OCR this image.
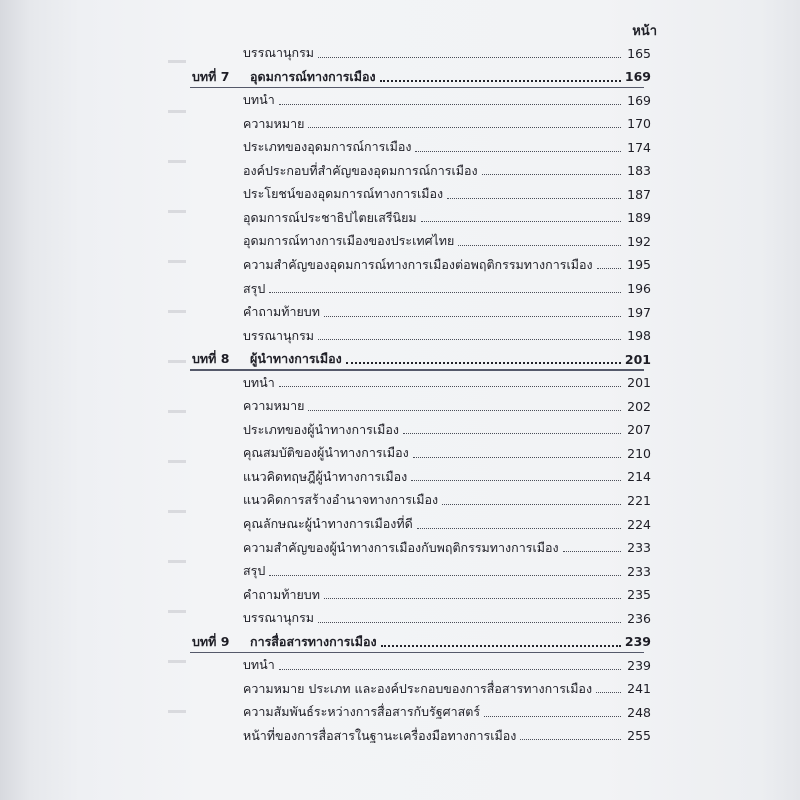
หน้า
บรรณานุกรม	165
บทที่ 7	อุดมการณ์ทางการเมือง	169
บทนำ	169
ความหมาย	170
ประเภทของอุดมการณ์การเมือง	174
องค์ประกอบที่สำคัญของอุดมการณ์การเมือง	183
ประโยชน์ของอุดมการณ์ทางการเมือง	187
อุดมการณ์ประชาธิปไตยเสรีนิยม	189
อุดมการณ์ทางการเมืองของประเทศไทย	192
ความสำคัญของอุดมการณ์ทางการเมืองต่อพฤติกรรมทางการเมือง	195
สรุป	196
คำถามท้ายบท	197
บรรณานุกรม	198
บทที่ 8	ผู้นำทางการเมือง	201
บทนำ	201
ความหมาย	202
ประเภทของผู้นำทางการเมือง	207
คุณสมบัติของผู้นำทางการเมือง	210
แนวคิดทฤษฎีผู้นำทางการเมือง	214
แนวคิดการสร้างอำนาจทางการเมือง	221
คุณลักษณะผู้นำทางการเมืองที่ดี	224
ความสำคัญของผู้นำทางการเมืองกับพฤติกรรมทางการเมือง	233
สรุป	233
คำถามท้ายบท	235
บรรณานุกรม	236
บทที่ 9	การสื่อสารทางการเมือง	239
บทนำ	239
ความหมาย ประเภท และองค์ประกอบของการสื่อสารทางการเมือง	241
ความสัมพันธ์ระหว่างการสื่อสารกับรัฐศาสตร์	248
หน้าที่ของการสื่อสารในฐานะเครื่องมือทางการเมือง	255
